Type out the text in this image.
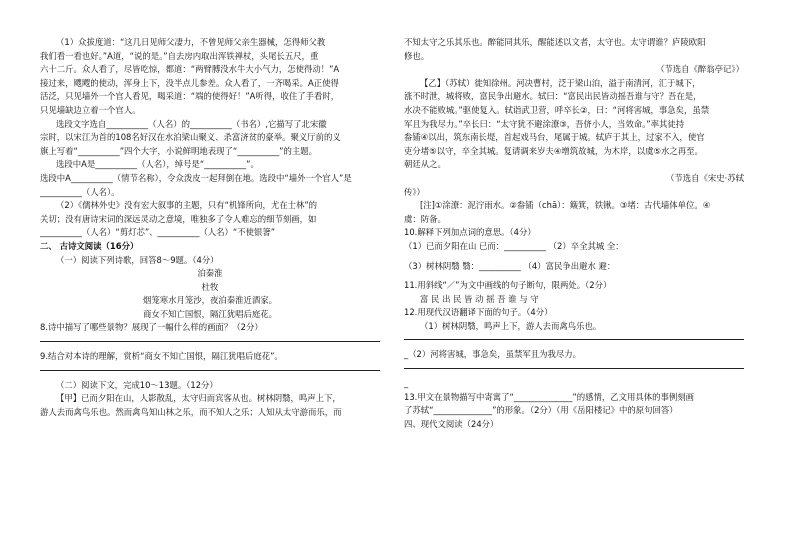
（1）众拔度道：“这几日见师父凄力，不曾见师父亲生器械，怎得师父教

我们看一看也好。”A道，“说的是。”自去房内取出浑铁禅杖，头尾长五尺，重

六十二斤。众人看了，尽皆吃惊，都道：“两臂膊没水牛大小气力，怎使得动！”A

接过来，飕飕的使动，浑身上下，没半点儿参差。众人看了，一齐喝采。A正使得

活泛，只见墙外一个官人看见，喝采道：“端的使得好！”A听得，收住了手看时，

只见墙缺边立着一个官人。

选段文字选自__________（人名）的__________（书名）,它描写了北宋徽

宗时，以宋江为首的108名好汉在水泊梁山聚义、杀富济贫的豪举。聚义厅前的义

旗上写着“__________”四个大字，小说鲜明地表现了“__________”的主题。

选段中A是__________（人名），绰号是“__________”。

选段中A__________（情节名称），令众泼皮一起拜倒在地。选段中“墙外一个官人”是

__________（人名）。

（2）《儒林外史》没有宏大叙事的主题，只有“机锋所向，尤在士林”的

关切；没有唐诗宋词的深远灵动之意境，唯独多了令人难忘的细节刻画，如

__________（人名）“剪灯芯”、__________（人名）“不使银箸”

二、 古诗文阅读（16分）

（一）阅读下列诗歌，回答8～9题。（4分）

泊秦淮

杜牧

烟笼寒水月笼沙，夜泊秦淮近酒家。

商女不知亡国恨，隔江犹唱后庭花。

8.诗中描写了哪些景物？展现了一幅什么样的画面？（2分）

9.结合对本诗的理解，赏析“商女不知亡国恨，隔江犹唱后庭花”。

（二）阅读下文，完成10～13题。（12分）

【甲】已而夕阳在山，人影散乱，太守归而宾客从也。树林阴翳，鸣声上下，

游人去而禽鸟乐也。然而禽鸟知山林之乐，而不知人之乐；人知从太守游而乐，而

不知太守之乐其乐也。醉能同其乐，醒能述以文者，太守也。太守谓谁？庐陵欧阳

修也。

（节选自《醉翁亭记》）

【乙】（苏轼）徙知徐州。河决曹村，泛于梁山泊，溢于南清河，汇于城下，

涨不时泄，城将败，富民争出避水。轼曰：“富民出民皆动摇吾谁与守？吾在是，

水决不能败城。”驱使复入。轼诣武卫营，呼卒长②，曰：“河将害城，事急矣，虽禁

军且为我尽力。”卒长曰：“太守犹不避涂潦③，吾侪小人，当效命。”率其徒持

畚锸④以出，筑东南长堤，首起戏马台，尾属于城。轼庐于其上，过家不入，使官

吏分堵⑤以守，卒全其城。复请调来岁夫④增筑故城，为木岸，以虞⑤水之再至。

朝廷从之。

（节选自《宋史·苏轼

传》）

[注]①涂潦：泥泞雨水。②畚锸（chā）：簸箕，铁锹。③堵：古代墙体单位。④

虞：防备。

10.解释下列加点词的意思。（4分）

（1）已而夕阳在山 已而：__________ （2）卒全其城 全：

（3）树林阴翳 翳：__________ （4）富民争出避水 避：

11.用斜线“／”为文中画线的句子断句，限两处。（2分）

富 民 出 民 皆 动 摇 吾 谁 与 守

12.用现代汉语翻译下面的句子。（4分）

（1）树林阴翳，鸣声上下，游人去而禽鸟乐也。

_（2）河将害城，事急矣，虽禁军且为我尽力。

_

13.甲文在景物描写中寄寓了“______________”的感情，乙文用具体的事例刻画

了苏轼“______________”的形象。（2分）（用《岳阳楼记》中的原句回答）

四、现代文阅读（24分）
